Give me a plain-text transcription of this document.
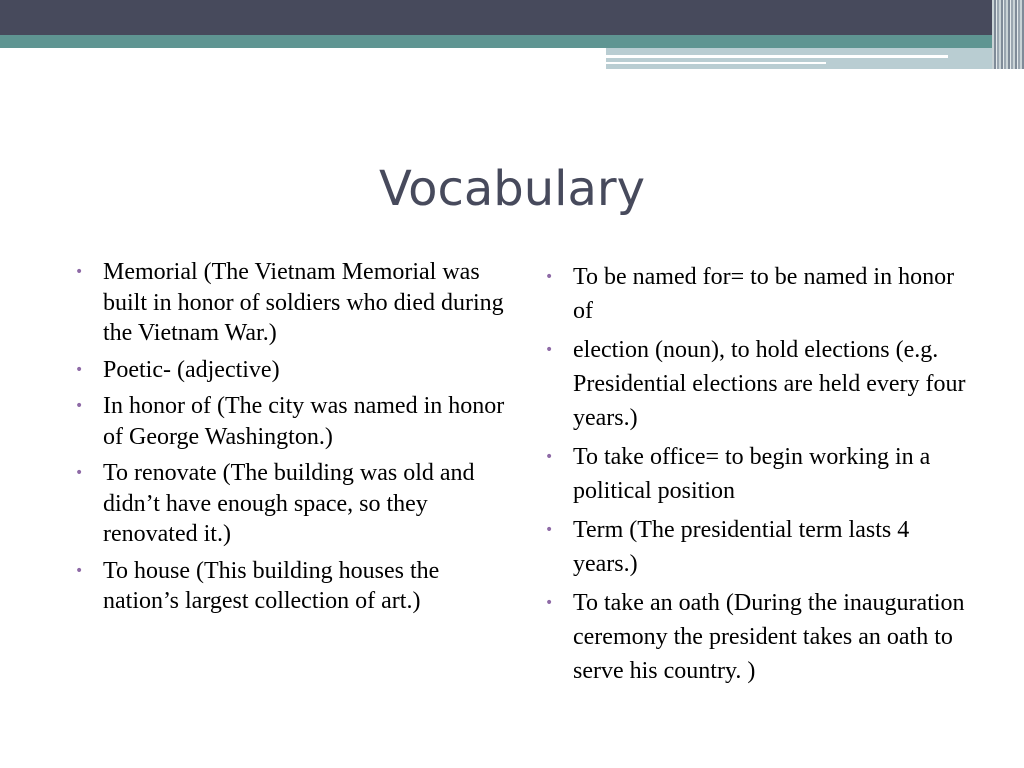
Vocabulary
• Memorial (The Vietnam Memorial was built in honor of soldiers who died during the Vietnam War.)
• Poetic- (adjective)
• In honor of (The city was named in honor of George Washington.)
• To renovate (The building was old and didn’t have enough space, so they renovated it.)
• To house (This building houses the nation’s largest collection of art.)
• To be named for= to be named in honor of
• election (noun), to hold elections (e.g. Presidential elections are held every four years.)
• To take office= to begin working in a political position
• Term (The presidential term lasts 4 years.)
• To take an oath (During the inauguration ceremony the president takes an oath to serve his country. )
